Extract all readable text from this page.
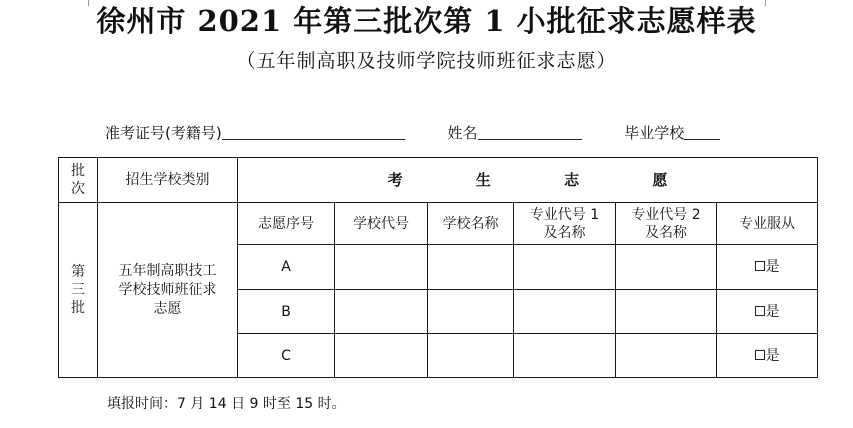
徐州市 2021 年第三批次第 1 小批征求志愿样表
（五年制高职及技师学院技师班征求志愿）
准考证号(考籍号)	姓名	毕业学校
批
次	招生学校类别	考 生 志 愿					
第
三
批	五年制高职技工学校技师班征求志愿	志愿序号	学校代号	学校名称	专业代号 1 及名称	专业代号 2 及名称	专业服从
		A					是
		B					是
		C					是
填报时间：7 月 14 日 9 时至 15 时。
